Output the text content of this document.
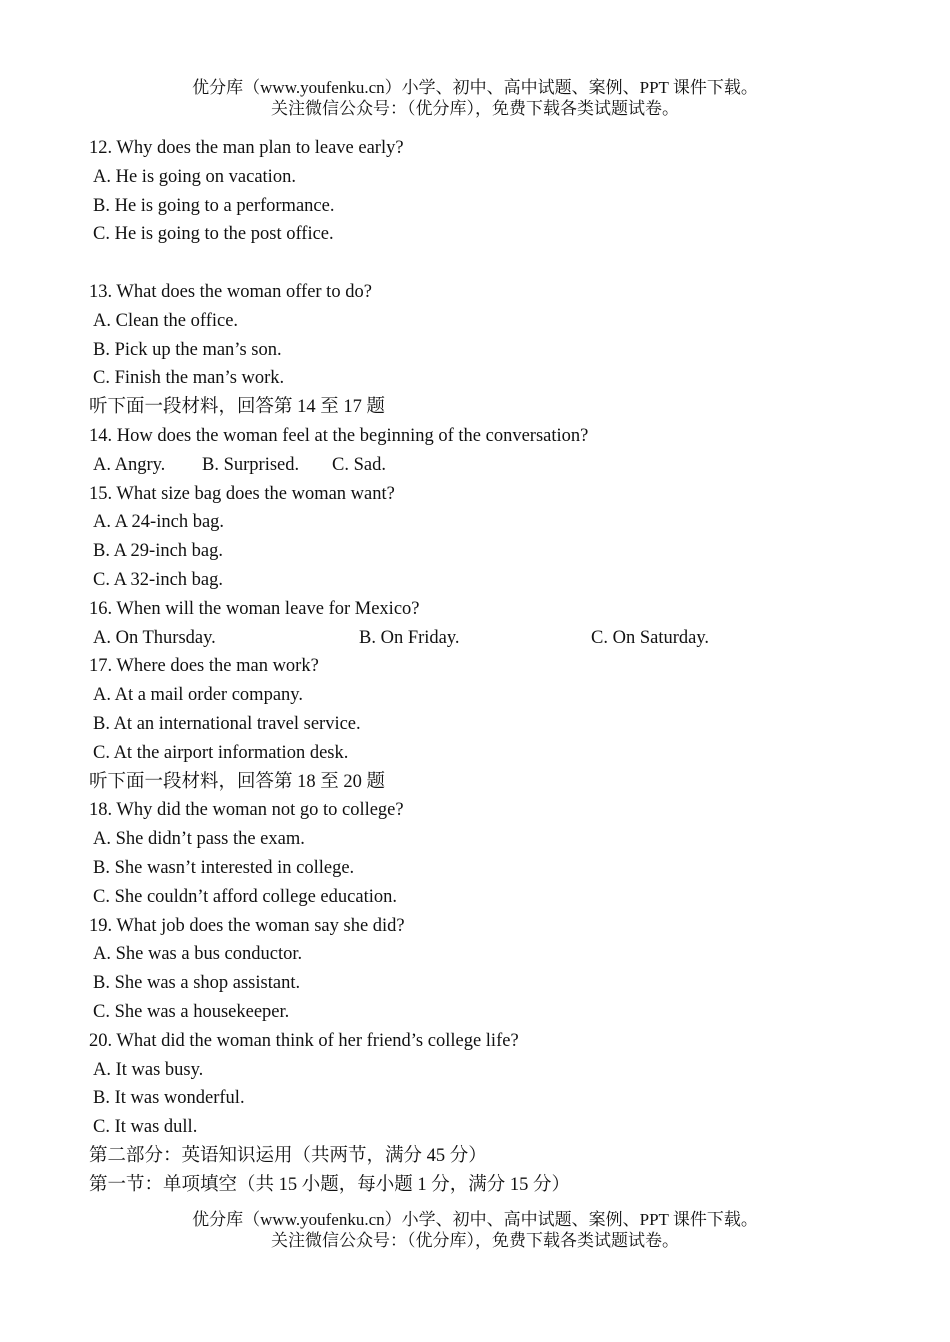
优分库（www.youfenku.cn）小学、初中、高中试题、案例、PPT 课件下载。
关注微信公众号：（优分库），免费下载各类试题试卷。
12. Why does the man plan to leave early?
A. He is going on vacation.
B. He is going to a performance.
C. He is going to the post office.
13. What does the woman offer to do?
A. Clean the office.
B. Pick up the man’s son.
C. Finish the man’s work.
听下面一段材料，回答第 14 至 17 题
14. How does the woman feel at the beginning of the conversation?
A. Angry. B. Surprised. C. Sad.
15. What size bag does the woman want?
A. A 24-inch bag.
B. A 29-inch bag.
C. A 32-inch bag.
16. When will the woman leave for Mexico?
A. On Thursday.	B. On Friday.	C. On Saturday.
17. Where does the man work?
A. At a mail order company.
B. At an international travel service.
C. At the airport information desk.
听下面一段材料，回答第 18 至 20 题
18. Why did the woman not go to college?
A. She didn’t pass the exam.
B. She wasn’t interested in college.
C. She couldn’t afford college education.
19. What job does the woman say she did?
A. She was a bus conductor.
B. She was a shop assistant.
C. She was a housekeeper.
20. What did the woman think of her friend’s college life?
A. It was busy.
B. It was wonderful.
C. It was dull.
第二部分：英语知识运用（共两节，满分 45 分）
第一节：单项填空（共 15 小题，每小题 1 分，满分 15 分）
优分库（www.youfenku.cn）小学、初中、高中试题、案例、PPT 课件下载。
关注微信公众号：（优分库），免费下载各类试题试卷。
